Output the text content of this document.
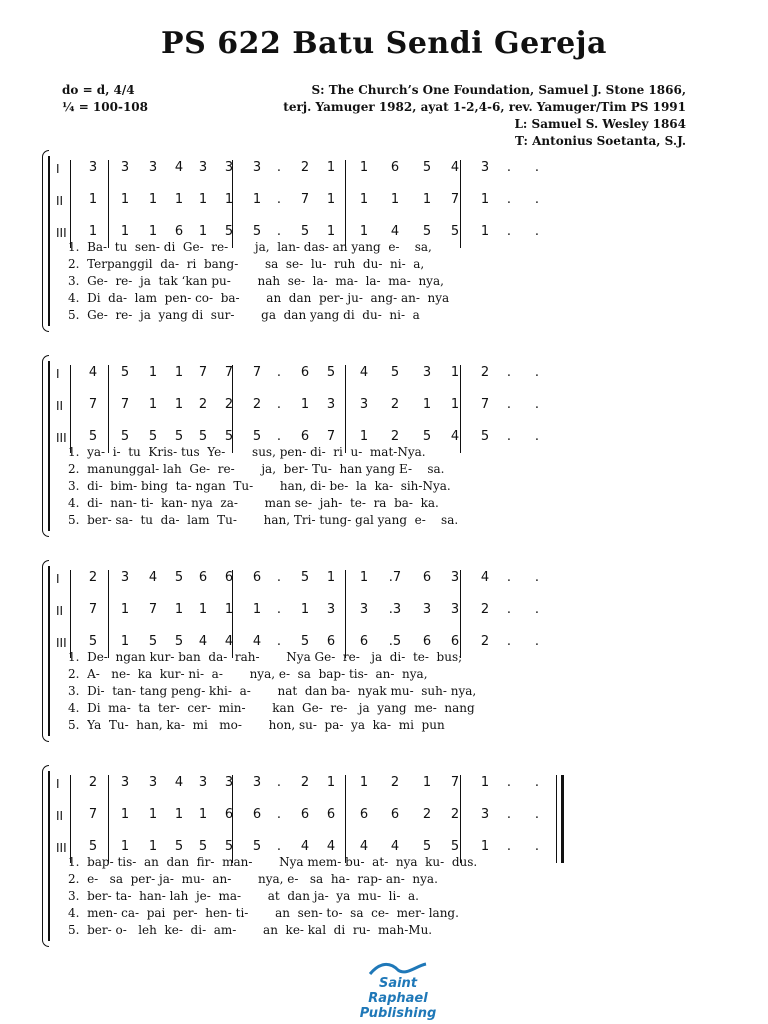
PS 622 Batu Sendi Gereja
do = d, 4/4
¼ = 100-108
S: The Church’s One Foundation, Samuel J. Stone 1866,
terj. Yamuger 1982, ayat 1-2,4-6, rev. Yamuger/Tim PS 1991
L: Samuel S. Wesley 1864
T: Antonius Soetanta, S.J.
I 3 3 3 4 3 3 3	.	2 1 1 6 5 4 3	.	.
II 1 1 1 1 1 1 1	.	7 1 1 1 1 7 1	.	.
III 1 1 1 6 1 5 5	.	5 1 1 4 5 5 1	.	.
1.  Ba-  tu  sen- di  Ge-  re-       ja,  lan- das- an yang  e-    sa,
2.  Terpanggil  da-  ri  bang-       sa  se-  lu-  ruh  du-  ni-  a,
3.  Ge-  re-  ja  tak ‘kan pu-       nah  se-  la-  ma-  la-  ma-  nya,
4.  Di  da-  lam  pen- co-  ba-       an  dan  per- ju-  ang- an-  nya
5.  Ge-  re-  ja  yang di  sur-       ga  dan yang di  du-  ni-  a
I 4 5 1 1 7 7 7	.	6 5 4 5 3 1 2	.	.
II 7 7 1 1 2 2 2	.	1 3 3 2 1 1 7	.	.
III 5 5 5 5 5 5 5	.	6 7 1 2 5 4 5	.	.
1.  ya-  i-  tu  Kris- tus  Ye-       sus, pen- di-  ri  u-  mat-Nya.
2.  manunggal- lah  Ge-  re-       ja,  ber- Tu-  han yang E-    sa.
3.  di-  bim- bing  ta- ngan  Tu-       han, di- be-  la  ka-  sih-Nya.
4.  di-  nan- ti-  kan- nya  za-       man se-  jah-  te-  ra  ba-  ka.
5.  ber- sa-  tu  da-  lam  Tu-       han, Tri- tung- gal yang  e-    sa.
I 2 3 4 5 6 6 6	.	5 1 1 .7 6 3 4	.	.
II 7 1 7 1 1 1 1	.	1 3 3 .3 3 3 2	.	.
III 5 1 5 5 4 4 4	.	5 6 6 .5 6 6 2	.	.
1.  De-  ngan kur- ban  da-  rah-       Nya Ge-  re-   ja  di-  te-  bus;
2.  A-   ne-  ka  kur- ni-  a-       nya, e-  sa  bap- tis-  an-  nya,
3.  Di-  tan- tang peng- khi-  a-       nat  dan ba-  nyak mu-  suh- nya,
4.  Di  ma-  ta  ter-  cer-  min-       kan  Ge-  re-   ja  yang  me-  nang
5.  Ya  Tu-  han, ka-  mi   mo-       hon, su-  pa-  ya  ka-  mi  pun
I 2 3 3 4 3 3 3	.	2 1 1 2 1 7 1	.	.
II 7 1 1 1 1 6 6	.	6 6 6 6 2 2 3	.	.
III 5 1 1 5 5 5 5	.	4 4 4 4 5 5 1	.	.
1.  bap- tis-  an  dan  fir-  man-       Nya mem- bu-  at-  nya  ku-  dus.
2.  e-   sa  per- ja-  mu-  an-       nya, e-   sa  ha-  rap- an-  nya.
3.  ber- ta-  han- lah  je-  ma-       at  dan ja-  ya  mu-  li-  a.
4.  men- ca-  pai  per-  hen- ti-       an  sen- to-  sa  ce-  mer- lang.
5.  ber- o-   leh  ke-  di-  am-       an  ke- kal  di  ru-  mah-Mu.
Saint Raphael
Publishing
